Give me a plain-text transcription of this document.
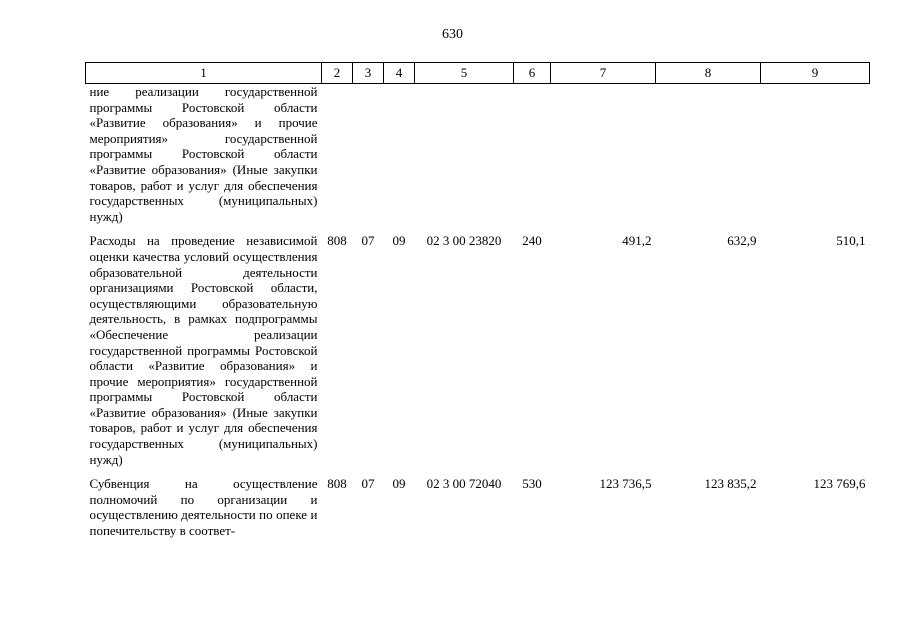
630
1	2	3	4	5	6	7	8	9
ние реализации государственной программы Ростовской области «Развитие образования» и прочие мероприятия» государственной программы Ростовской области «Развитие образования» (Иные закупки товаров, работ и услуг для обеспечения государственных (муниципальных) нужд)								
Расходы на проведение независимой оценки качества условий осуществления образовательной деятельности организациями Ростовской области, осуществляющими образовательную деятельность, в рамках подпрограммы «Обеспечение реализации государственной программы Ростовской области «Развитие образования» и прочие мероприятия» государственной программы Ростовской области «Развитие образования» (Иные закупки товаров, работ и услуг для обеспечения государственных (муниципальных) нужд)	808	07	09	02 3 00 23820	240	491,2	632,9	510,1
Субвенция на осуществление полномочий по организации и осуществлению деятельности по опеке и попечительству в соответ-	808	07	09	02 3 00 72040	530	123 736,5	123 835,2	123 769,6
